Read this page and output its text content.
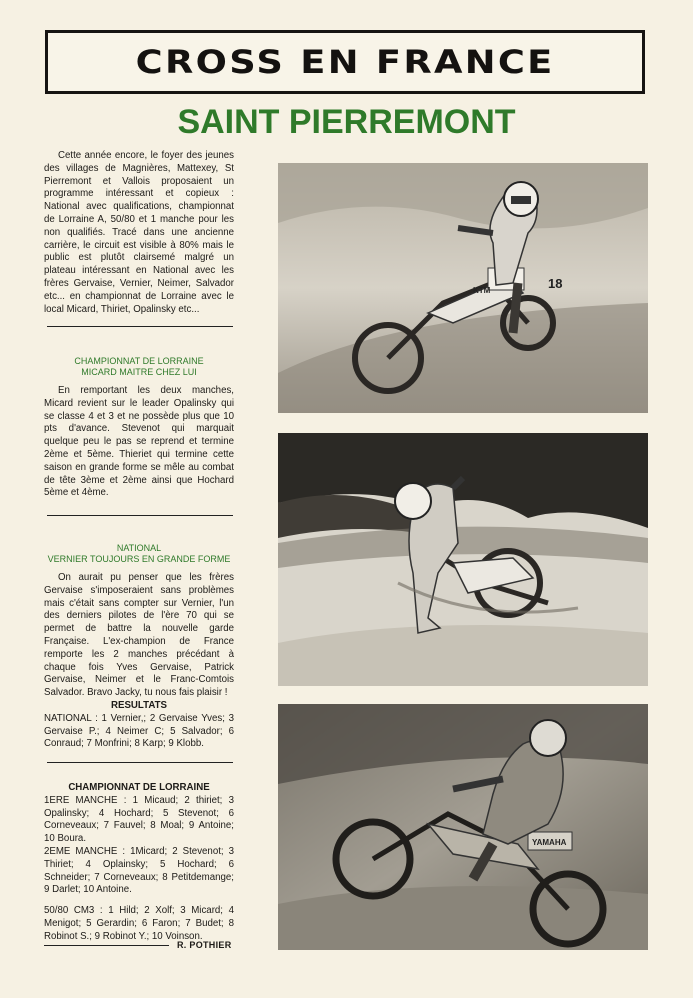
CROSS EN FRANCE
SAINT PIERREMONT

Cette année encore, le foyer des jeunes des villages de Magnières, Mattexey, St Pierremont et Vallois proposaient un programme intéressant et copieux : National avec qualifications, championnat de Lorraine A, 50/80 et 1 manche pour les non qualifiés. Tracé dans une ancienne carrière, le circuit est visible à 80% mais le public est plutôt clairsemé malgré un plateau intéressant en National avec les frères Gervaise, Vernier, Neimer, Salvador etc... en championnat de Lorraine avec le local Micard, Thiriet, Opalinsky etc...

CHAMPIONNAT DE LORRAINE
MICARD MAITRE CHEZ LUI

En remportant les deux manches, Micard revient sur le leader Opalinsky qui se classe 4 et 3 et ne possède plus que 10 pts d'avance. Stevenot qui marquait quelque peu le pas se reprend et termine 2ème et 5ème. Thieriet qui termine cette saison en grande forme se mêle au combat de tête 3ème et 2ème ainsi que Hochard 5ème et 4ème.

NATIONAL
VERNIER TOUJOURS EN GRANDE FORME

On aurait pu penser que les frères Gervaise s'imposeraient sans problèmes mais c'était sans compter sur Vernier, l'un des derniers pilotes de l'ère 70 qui se permet de battre la nouvelle garde Française. L'ex-champion de France remporte les 2 manches précédant à chaque fois Yves Gervaise, Patrick Gervaise, Neimer et le Franc-Comtois Salvador. Bravo Jacky, tu nous fais plaisir !

RESULTATS

NATIONAL : 1 Vernier,; 2 Gervaise Yves; 3 Gervaise P.; 4 Neimer C; 5 Salvador; 6 Conraud; 7 Monfrini; 8 Karp; 9 Klobb.

CHAMPIONNAT DE LORRAINE

1ERE MANCHE : 1 Micaud; 2 thiriet; 3 Opalinsky; 4 Hochard; 5 Stevenot; 6 Corneveaux; 7 Fauvel; 8 Moal; 9 Antoine; 10 Boura.

2EME MANCHE : 1Micard; 2 Stevenot; 3 Thiriet; 4 Oplainsky; 5 Hochard; 6 Schneider; 7 Corneveaux; 8 Petitdemange; 9 Darlet; 10 Antoine.

50/80 CM3 : 1 Hild; 2 Xolf; 3 Micard; 4 Menigot; 5 Gerardin; 6 Faron; 7 Budet; 8 Robinot S.; 9 Robinot Y.; 10 Voinson.

R. POTHIER
18
KTM
YAMAHA
